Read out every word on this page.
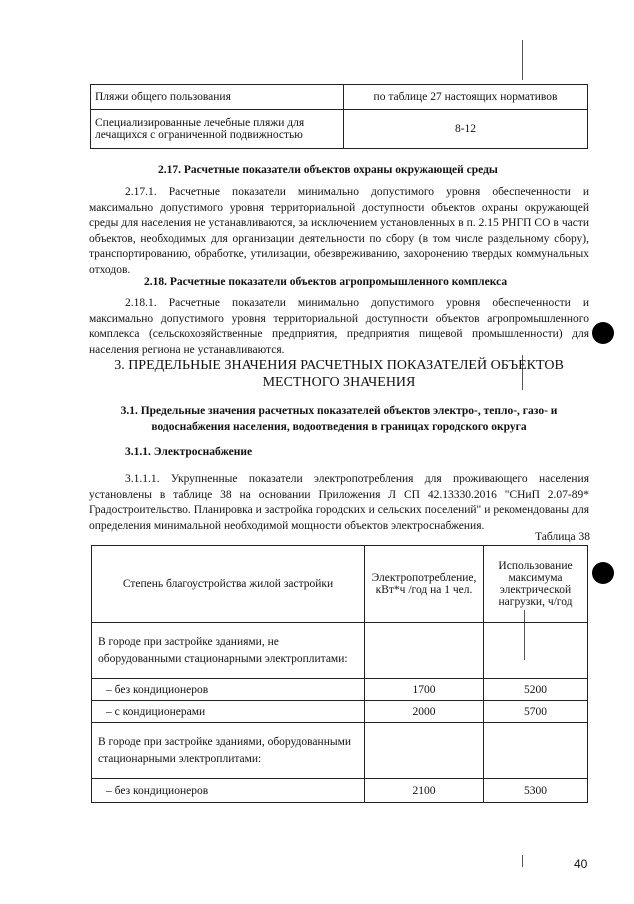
Пляжи общего пользования	по таблице 27 настоящих нормативов
Специализированные лечебные пляжи для лечащихся с ограниченной подвижностью	8-12
2.17. Расчетные показатели объектов охраны окружающей среды
2.17.1. Расчетные показатели минимально допустимого уровня обеспеченности и максимально допустимого уровня территориальной доступности объектов охраны окружающей среды для населения не устанавливаются, за исключением установленных в п. 2.15 РНГП СО в части объектов, необходимых для организации деятельности по сбору (в том числе раздельному сбору), транспортированию, обработке, утилизации, обезвреживанию, захоронению твердых коммунальных отходов.
2.18. Расчетные показатели объектов агропромышленного комплекса
2.18.1. Расчетные показатели минимально допустимого уровня обеспеченности и максимально допустимого уровня территориальной доступности объектов агропромышленного комплекса (сельскохозяйственные предприятия, предприятия пищевой промышленности) для населения региона не устанавливаются.
3. ПРЕДЕЛЬНЫЕ ЗНАЧЕНИЯ РАСЧЕТНЫХ ПОКАЗАТЕЛЕЙ ОБЪЕКТОВ
МЕСТНОГО ЗНАЧЕНИЯ
3.1. Предельные значения расчетных показателей объектов электро-, тепло-, газо- и
водоснабжения населения, водоотведения в границах городского округа
3.1.1. Электроснабжение
3.1.1.1. Укрупненные показатели электропотребления для проживающего населения установлены в таблице 38 на основании Приложения Л СП 42.13330.2016 "СНиП 2.07-89* Градостроительство. Планировка и застройка городских и сельских поселений" и рекомендованы для определения минимальной необходимой мощности объектов электроснабжения.
Таблица 38
Степень благоустройства жилой застройки	Электропотребление, кВт*ч /год на 1 чел.	Использование максимума электрической нагрузки, ч/год
В городе при застройке зданиями, не оборудованными стационарными электроплитами:		
– без кондиционеров	1700	5200
– с кондиционерами	2000	5700
В городе при застройке зданиями, оборудованными стационарными электроплитами:		
– без кондиционеров	2100	5300
40
